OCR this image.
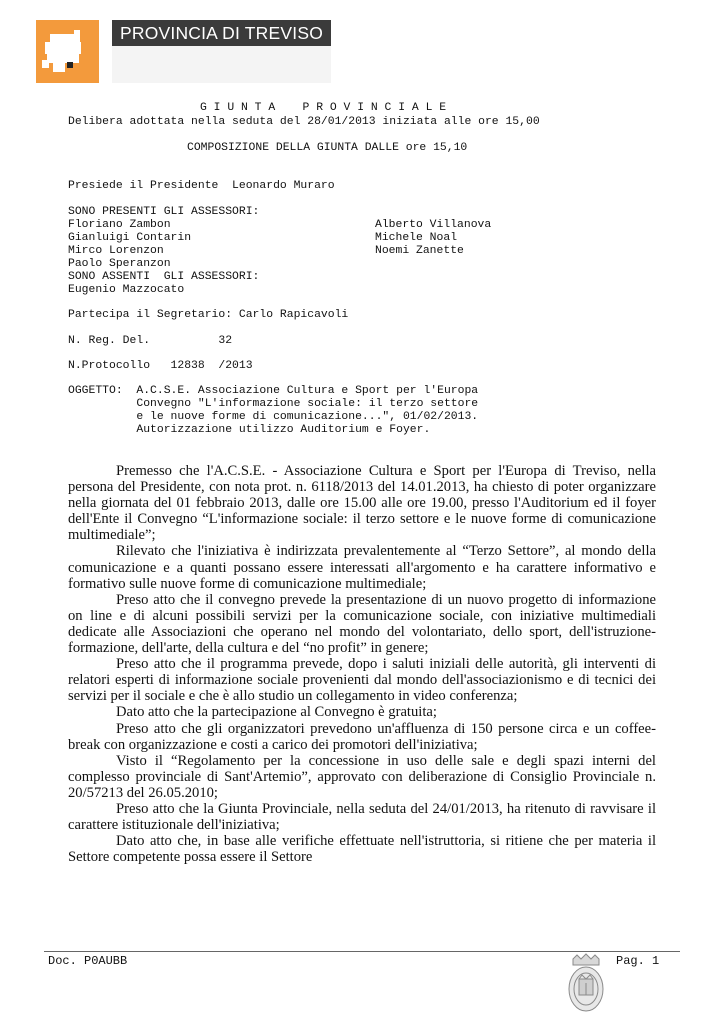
PROVINCIA DI TREVISO
G I U N T A    P R O V I N C I A L E
Delibera adottata nella seduta del 28/01/2013 iniziata alle ore 15,00
COMPOSIZIONE DELLA GIUNTA DALLE ore 15,10
Presiede il Presidente  Leonardo Muraro
SONO PRESENTI GLI ASSESSORI:
Floriano Zambon
Gianluigi Contarin
Mirco Lorenzon
Paolo Speranzon
Alberto Villanova
Michele Noal
Noemi Zanette
SONO ASSENTI  GLI ASSESSORI:
Eugenio Mazzocato
Partecipa il Segretario: Carlo Rapicavoli
N. Reg. Del.          32
N.Protocollo   12838  /2013
OGGETTO:  A.C.S.E. Associazione Cultura e Sport per l'Europa
Convegno "L'informazione sociale: il terzo settore
e le nuove forme di comunicazione...", 01/02/2013.
Autorizzazione utilizzo Auditorium e Foyer.

Premesso che l'A.C.S.E. - Associazione Cultura e Sport per l'Europa di Treviso, nella persona del Presidente, con nota prot. n. 6118/2013 del 14.01.2013, ha chiesto di poter organizzare nella giornata del 01 febbraio 2013, dalle ore 15.00 alle ore 19.00, presso l'Auditorium ed il foyer dell'Ente il Convegno “L'informazione sociale: il terzo settore e le nuove forme di comunicazione multimediale”;

Rilevato che l'iniziativa è indirizzata prevalentemente al “Terzo Settore”, al mondo della comunicazione e a quanti possano essere interessati all'argomento e ha carattere informativo e formativo sulle nuove forme di comunicazione multimediale;

Preso atto che il convegno prevede la presentazione di un nuovo progetto di informazione on line e di alcuni possibili servizi per la comunicazione sociale, con iniziative multimediali dedicate alle Associazioni che operano nel mondo del volontariato, dello sport, dell'istruzione-formazione, dell'arte, della cultura e del “no profit” in genere;

Preso atto che il programma prevede, dopo i saluti iniziali delle autorità, gli interventi di relatori esperti di informazione sociale provenienti dal mondo dell'associazionismo e di tecnici dei servizi per il sociale e che è allo studio un collegamento in video conferenza;

Dato atto che la partecipazione al Convegno è gratuita;

Preso atto che gli organizzatori prevedono un'affluenza di 150 persone circa e un coffee-break con organizzazione e costi a carico dei promotori dell'iniziativa;

Visto il “Regolamento per la concessione in uso delle sale e degli spazi interni del complesso provinciale di Sant'Artemio”, approvato con deliberazione di Consiglio Provinciale n. 20/57213 del 26.05.2010;

Preso atto che la Giunta Provinciale, nella seduta del 24/01/2013, ha ritenuto di ravvisare il carattere istituzionale dell'iniziativa;

Dato atto che, in base alle verifiche effettuate nell'istruttoria, si ritiene che per materia il Settore competente possa essere il Settore

Doc. P0AUBB	Pag. 1
